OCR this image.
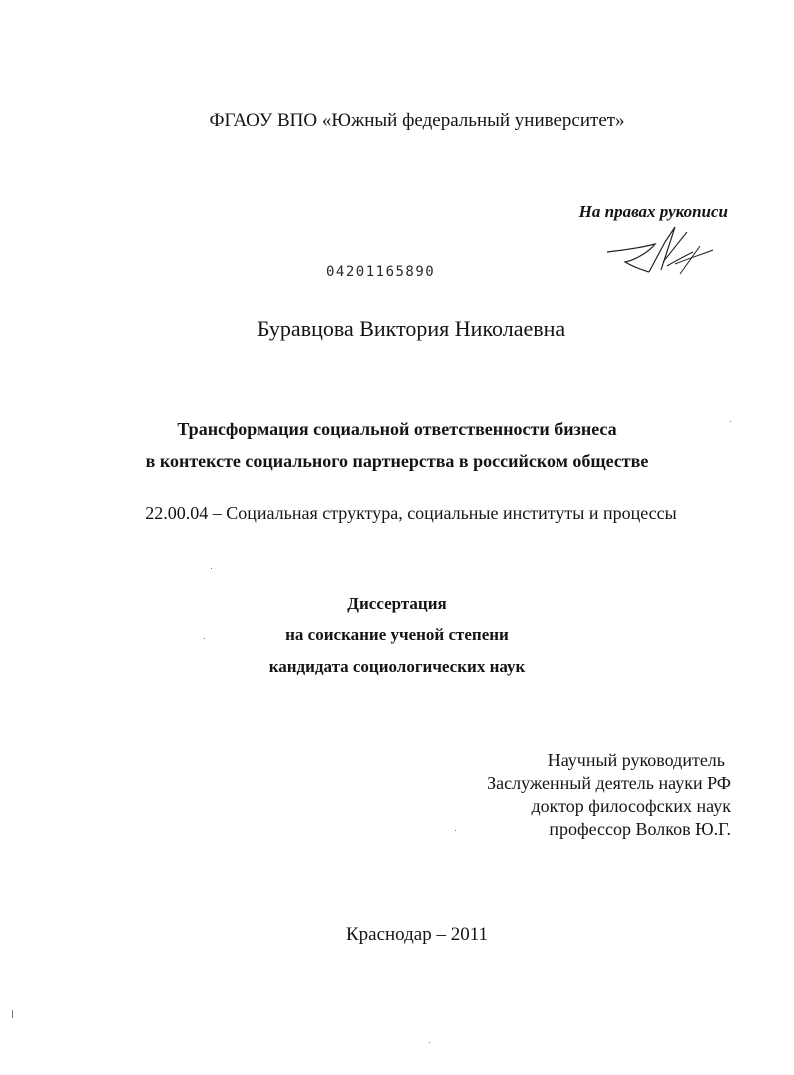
ФГАОУ ВПО «Южный федеральный университет»
На правах рукописи
04201165890
Буравцова Виктория Николаевна
Трансформация социальной ответственности бизнеса
в контексте социального партнерства в российском обществе
22.00.04 – Социальная структура, социальные институты и процессы
Диссертация
на соискание ученой степени
кандидата социологических наук
Научный руководитель
Заслуженный деятель науки РФ
доктор философских наук
профессор Волков Ю.Г.
Краснодар – 2011
